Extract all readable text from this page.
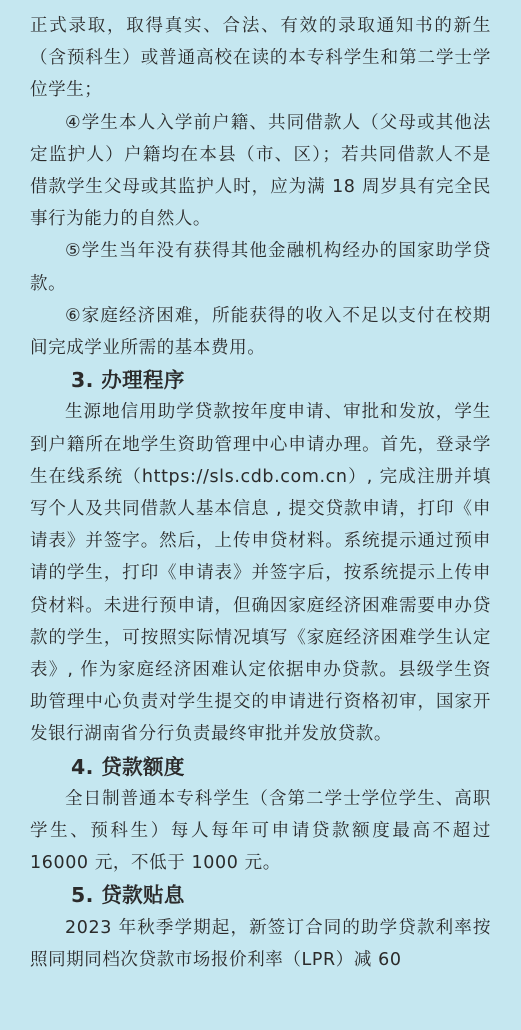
正式录取，取得真实、合法、有效的录取通知书的新生（含预科生）或普通高校在读的本专科学生和第二学士学位学生；

④学生本人入学前户籍、共同借款人（父母或其他法定监护人）户籍均在本县（市、区）；若共同借款人不是借款学生父母或其监护人时，应为满 18 周岁具有完全民事行为能力的自然人。

⑤学生当年没有获得其他金融机构经办的国家助学贷款。

⑥家庭经济困难，所能获得的收入不足以支付在校期间完成学业所需的基本费用。

3. 办理程序

生源地信用助学贷款按年度申请、审批和发放，学生到户籍所在地学生资助管理中心申请办理。首先，登录学生在线系统（https://sls.cdb.com.cn）, 完成注册并填写个人及共同借款人基本信息 , 提交贷款申请，打印《申请表》并签字。然后，上传申贷材料。系统提示通过预申请的学生，打印《申请表》并签字后，按系统提示上传申贷材料。未进行预申请，但确因家庭经济困难需要申办贷款的学生，可按照实际情况填写《家庭经济困难学生认定表》, 作为家庭经济困难认定依据申办贷款。县级学生资助管理中心负责对学生提交的申请进行资格初审，国家开发银行湖南省分行负责最终审批并发放贷款。

4. 贷款额度

全日制普通本专科学生（含第二学士学位学生、高职学生、预科生）每人每年可申请贷款额度最高不超过 16000 元，不低于 1000 元。

5. 贷款贴息

2023 年秋季学期起，新签订合同的助学贷款利率按照同期同档次贷款市场报价利率（LPR）减 60
